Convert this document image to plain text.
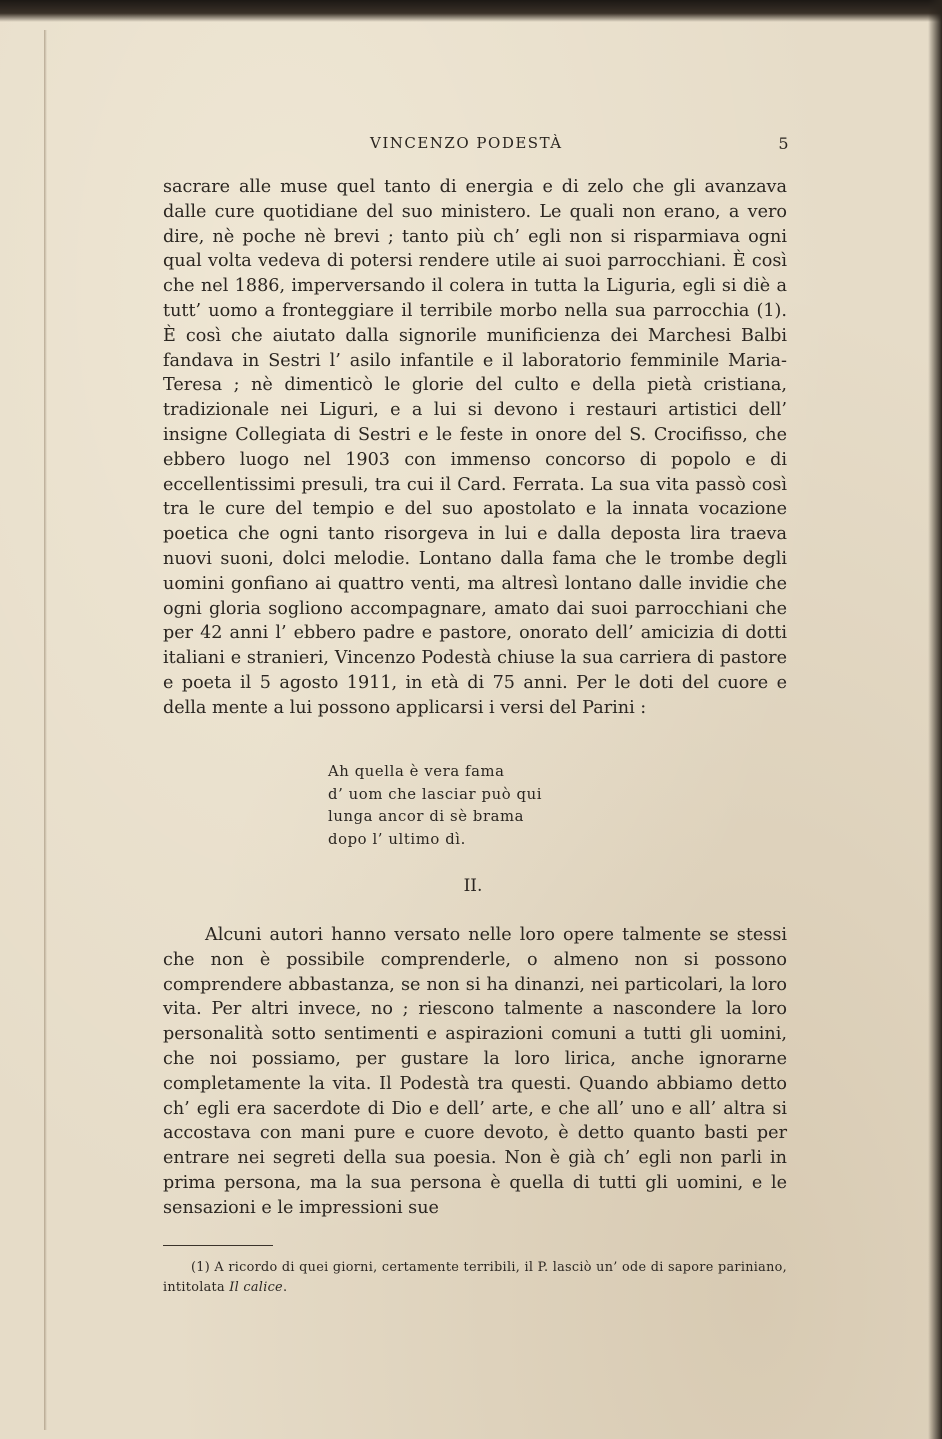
VINCENZO PODESTÀ	5

sacrare alle muse quel tanto di energia e di zelo che gli avanzava dalle cure quotidiane del suo ministero. Le quali non erano, a vero dire, nè poche nè brevi ; tanto più ch’ egli non si risparmiava ogni qual volta vedeva di potersi rendere utile ai suoi parrocchiani. È così che nel 1886, imperversando il colera in tutta la Liguria, egli si diè a tutt’ uomo a fronteggiare il terribile morbo nella sua parrocchia (1). È così che aiutato dalla signorile munificienza dei Marchesi Balbi fandava in Sestri l’ asilo infantile e il laboratorio femminile Maria-Teresa ; nè dimenticò le glorie del culto e della pietà cristiana, tradizionale nei Liguri, e a lui si devono i restauri artistici dell’ insigne Collegiata di Sestri e le feste in onore del S. Crocifisso, che ebbero luogo nel 1903 con immenso concorso di popolo e di eccellentissimi presuli, tra cui il Card. Ferrata. La sua vita passò così tra le cure del tempio e del suo apostolato e la innata vocazione poetica che ogni tanto risorgeva in lui e dalla deposta lira traeva nuovi suoni, dolci melodie. Lontano dalla fama che le trombe degli uomini gonfiano ai quattro venti, ma altresì lontano dalle invidie che ogni gloria sogliono accompagnare, amato dai suoi parrocchiani che per 42 anni l’ ebbero padre e pastore, onorato dell’ amicizia di dotti italiani e stranieri, Vincenzo Podestà chiuse la sua carriera di pastore e poeta il 5 agosto 1911, in età di 75 anni. Per le doti del cuore e della mente a lui possono applicarsi i versi del Parini :

Ah quella è vera fama
d’ uom che lasciar può qui
lunga ancor di sè brama
dopo l’ ultimo dì.
II.

Alcuni autori hanno versato nelle loro opere talmente se stessi che non è possibile comprenderle, o almeno non si possono comprendere abbastanza, se non si ha dinanzi, nei particolari, la loro vita. Per altri invece, no ; riescono talmente a nascondere la loro personalità sotto sentimenti e aspirazioni comuni a tutti gli uomini, che noi possiamo, per gustare la loro lirica, anche ignorarne completamente la vita. Il Podestà tra questi. Quando abbiamo detto ch’ egli era sacerdote di Dio e dell’ arte, e che all’ uno e all’ altra si accostava con mani pure e cuore devoto, è detto quanto basti per entrare nei segreti della sua poesia. Non è già ch’ egli non parli in prima persona, ma la sua persona è quella di tutti gli uomini, e le sensazioni e le impressioni sue

(1) A ricordo di quei giorni, certamente terribili, il P. lasciò un’ ode di sapore pariniano, intitolata Il calice.
